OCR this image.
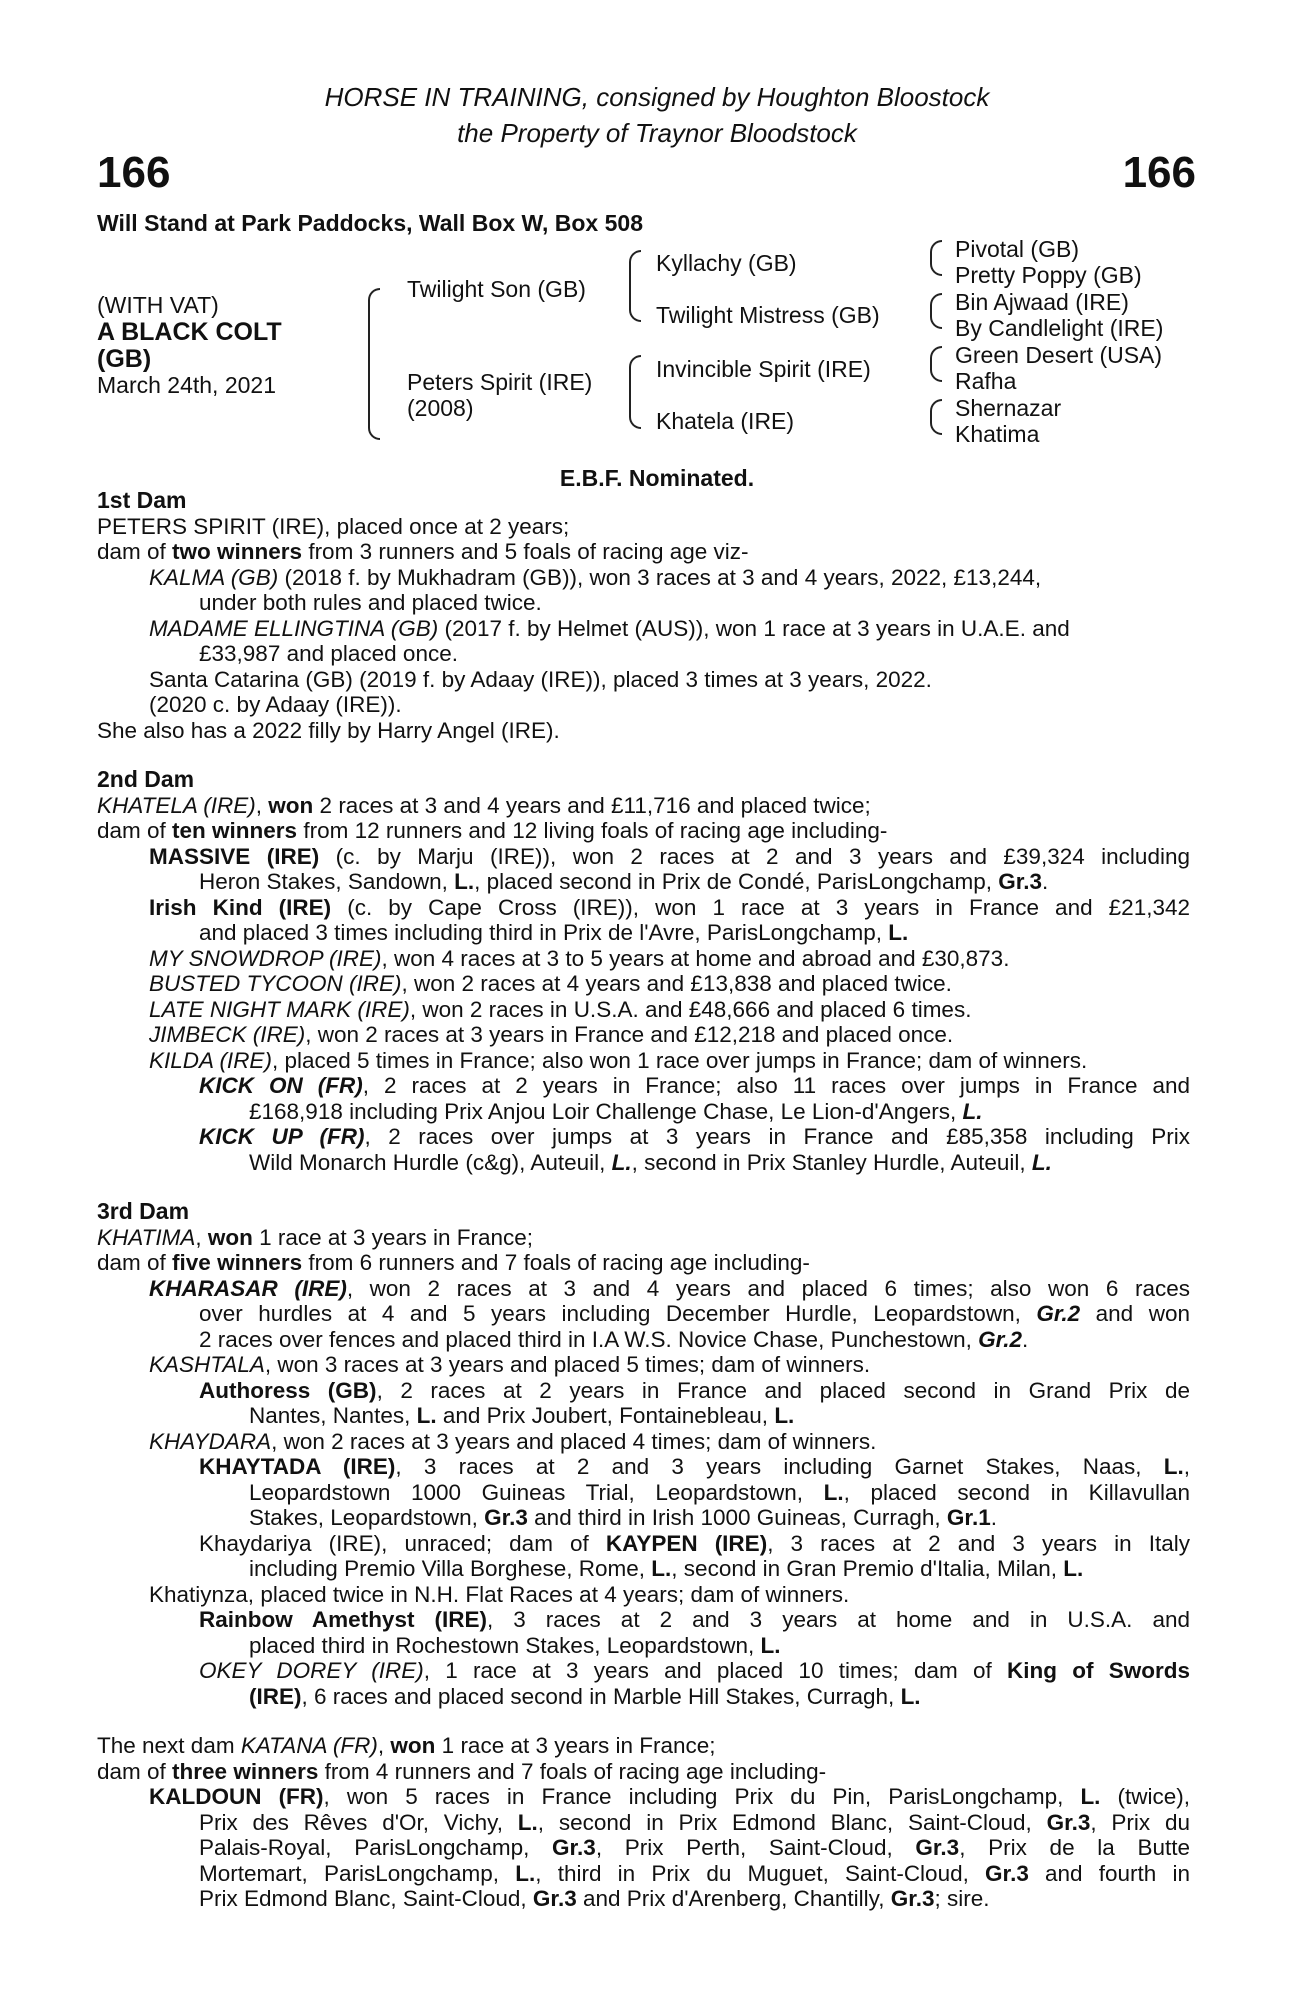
HORSE IN TRAINING, consigned by Houghton Bloostock
the Property of Traynor Bloodstock
166	166
Will Stand at Park Paddocks, Wall Box W, Box 508
(WITH VAT)
A BLACK COLT
(GB)
March 24th, 2021
Twilight Son (GB)
Peters Spirit (IRE)
(2008)
Kyllachy (GB)
Twilight Mistress (GB)
Invincible Spirit (IRE)
Khatela (IRE)
Pivotal (GB)
Pretty Poppy (GB)
Bin Ajwaad (IRE)
By Candlelight (IRE)
Green Desert (USA)
Rafha
Shernazar
Khatima
E.B.F. Nominated.
1st Dam
PETERS SPIRIT (IRE), placed once at 2 years;
dam of two winners from 3 runners and 5 foals of racing age viz-
KALMA (GB) (2018 f. by Mukhadram (GB)), won 3 races at 3 and 4 years, 2022, £13,244,
under both rules and placed twice.
MADAME ELLINGTINA (GB) (2017 f. by Helmet (AUS)), won 1 race at 3 years in U.A.E. and
£33,987 and placed once.
Santa Catarina (GB) (2019 f. by Adaay (IRE)), placed 3 times at 3 years, 2022.
(2020 c. by Adaay (IRE)).
She also has a 2022 filly by Harry Angel (IRE).
2nd Dam
KHATELA (IRE), won 2 races at 3 and 4 years and £11,716 and placed twice;
dam of ten winners from 12 runners and 12 living foals of racing age including-
MASSIVE (IRE) (c. by Marju (IRE)), won 2 races at 2 and 3 years and £39,324 including
Heron Stakes, Sandown, L., placed second in Prix de Condé, ParisLongchamp, Gr.3.
Irish Kind (IRE) (c. by Cape Cross (IRE)), won 1 race at 3 years in France and £21,342
and placed 3 times including third in Prix de l'Avre, ParisLongchamp, L.
MY SNOWDROP (IRE), won 4 races at 3 to 5 years at home and abroad and £30,873.
BUSTED TYCOON (IRE), won 2 races at 4 years and £13,838 and placed twice.
LATE NIGHT MARK (IRE), won 2 races in U.S.A. and £48,666 and placed 6 times.
JIMBECK (IRE), won 2 races at 3 years in France and £12,218 and placed once.
KILDA (IRE), placed 5 times in France; also won 1 race over jumps in France; dam of winners.
KICK ON (FR), 2 races at 2 years in France; also 11 races over jumps in France and
£168,918 including Prix Anjou Loir Challenge Chase, Le Lion-d'Angers, L.
KICK UP (FR), 2 races over jumps at 3 years in France and £85,358 including Prix
Wild Monarch Hurdle (c&g), Auteuil, L., second in Prix Stanley Hurdle, Auteuil, L.
3rd Dam
KHATIMA, won 1 race at 3 years in France;
dam of five winners from 6 runners and 7 foals of racing age including-
KHARASAR (IRE), won 2 races at 3 and 4 years and placed 6 times; also won 6 races
over hurdles at 4 and 5 years including December Hurdle, Leopardstown, Gr.2 and won
2 races over fences and placed third in I.A W.S. Novice Chase, Punchestown, Gr.2.
KASHTALA, won 3 races at 3 years and placed 5 times; dam of winners.
Authoress (GB), 2 races at 2 years in France and placed second in Grand Prix de
Nantes, Nantes, L. and Prix Joubert, Fontainebleau, L.
KHAYDARA, won 2 races at 3 years and placed 4 times; dam of winners.
KHAYTADA (IRE), 3 races at 2 and 3 years including Garnet Stakes, Naas, L.,
Leopardstown 1000 Guineas Trial, Leopardstown, L., placed second in Killavullan
Stakes, Leopardstown, Gr.3 and third in Irish 1000 Guineas, Curragh, Gr.1.
Khaydariya (IRE), unraced; dam of KAYPEN (IRE), 3 races at 2 and 3 years in Italy
including Premio Villa Borghese, Rome, L., second in Gran Premio d'Italia, Milan, L.
Khatiynza, placed twice in N.H. Flat Races at 4 years; dam of winners.
Rainbow Amethyst (IRE), 3 races at 2 and 3 years at home and in U.S.A. and
placed third in Rochestown Stakes, Leopardstown, L.
OKEY DOREY (IRE), 1 race at 3 years and placed 10 times; dam of King of Swords
(IRE), 6 races and placed second in Marble Hill Stakes, Curragh, L.
The next dam KATANA (FR), won 1 race at 3 years in France;
dam of three winners from 4 runners and 7 foals of racing age including-
KALDOUN (FR), won 5 races in France including Prix du Pin, ParisLongchamp, L. (twice),
Prix des Rêves d'Or, Vichy, L., second in Prix Edmond Blanc, Saint-Cloud, Gr.3, Prix du
Palais-Royal, ParisLongchamp, Gr.3, Prix Perth, Saint-Cloud, Gr.3, Prix de la Butte
Mortemart, ParisLongchamp, L., third in Prix du Muguet, Saint-Cloud, Gr.3 and fourth in
Prix Edmond Blanc, Saint-Cloud, Gr.3 and Prix d'Arenberg, Chantilly, Gr.3; sire.
